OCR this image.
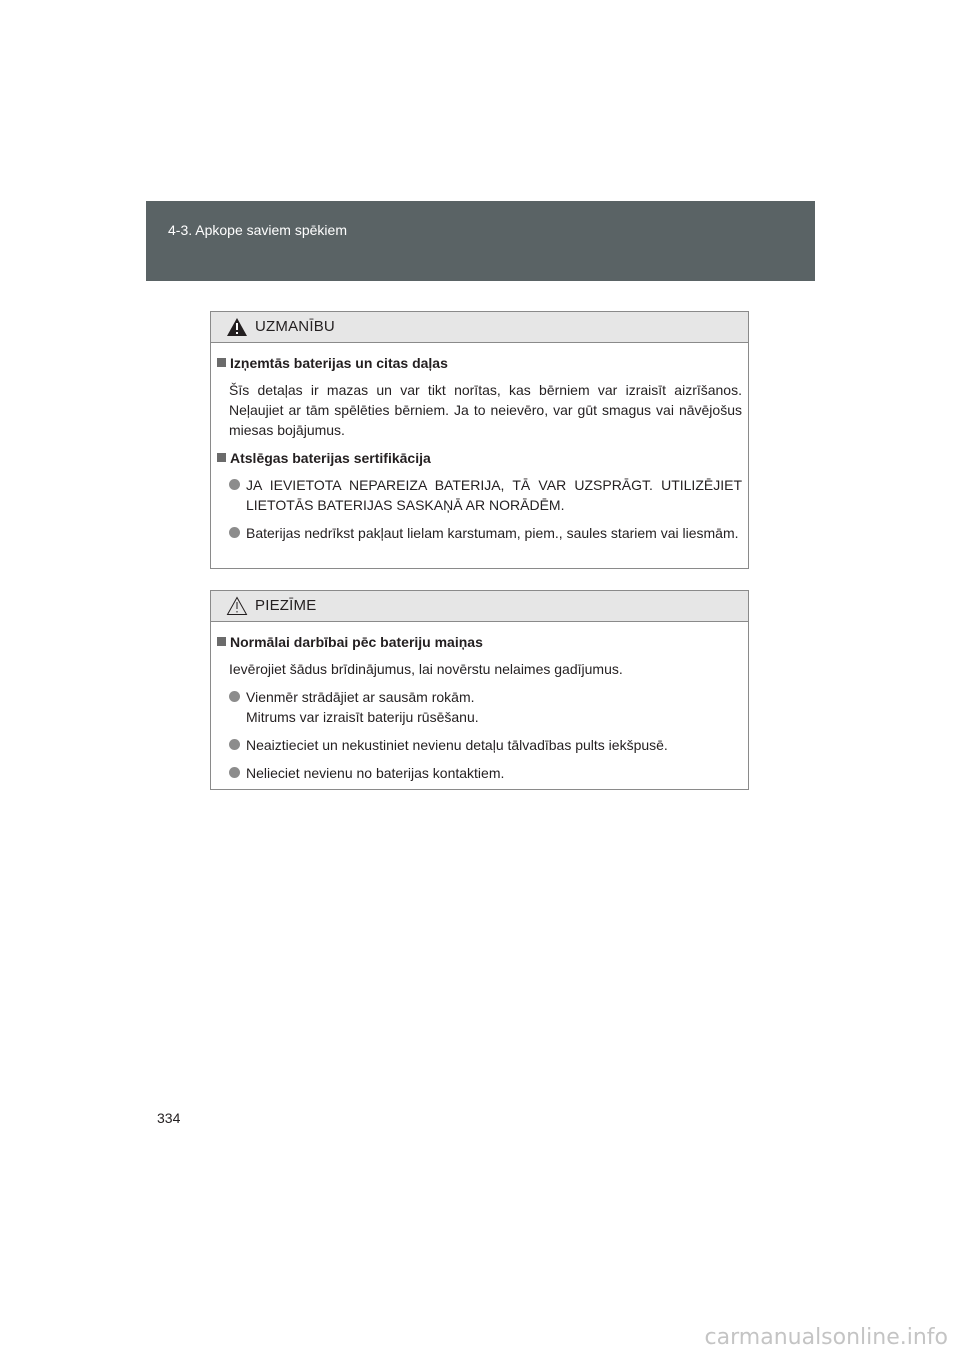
4-3. Apkope saviem spēkiem
UZMANĪBU
Izņemtās baterijas un citas daļas

Šīs detaļas ir mazas un var tikt norītas, kas bērniem var izraisīt aizrīšanos. Neļaujiet ar tām spēlēties bērniem. Ja to neievēro, var gūt smagus vai nāvējošus miesas bojājumus.

Atslēgas baterijas sertifikācija
JA IEVIETOTA NEPAREIZA BATERIJA, TĀ VAR UZSPRĀGT. UTILIZĒJIET LIETOTĀS BATERIJAS SASKAŅĀ AR NORĀDĒM.
Baterijas nedrīkst pakļaut lielam karstumam, piem., saules stariem vai liesmām.
PIEZĪME
Normālai darbībai pēc bateriju maiņas

Ievērojiet šādus brīdinājumus, lai novērstu nelaimes gadījumus.

Vienmēr strādājiet ar sausām rokām.
Mitrums var izraisīt bateriju rūsēšanu.
Neaiztieciet un nekustiniet nevienu detaļu tālvadības pults iekšpusē.
Nelieciet nevienu no baterijas kontaktiem.
334
carmanualsonline.info
